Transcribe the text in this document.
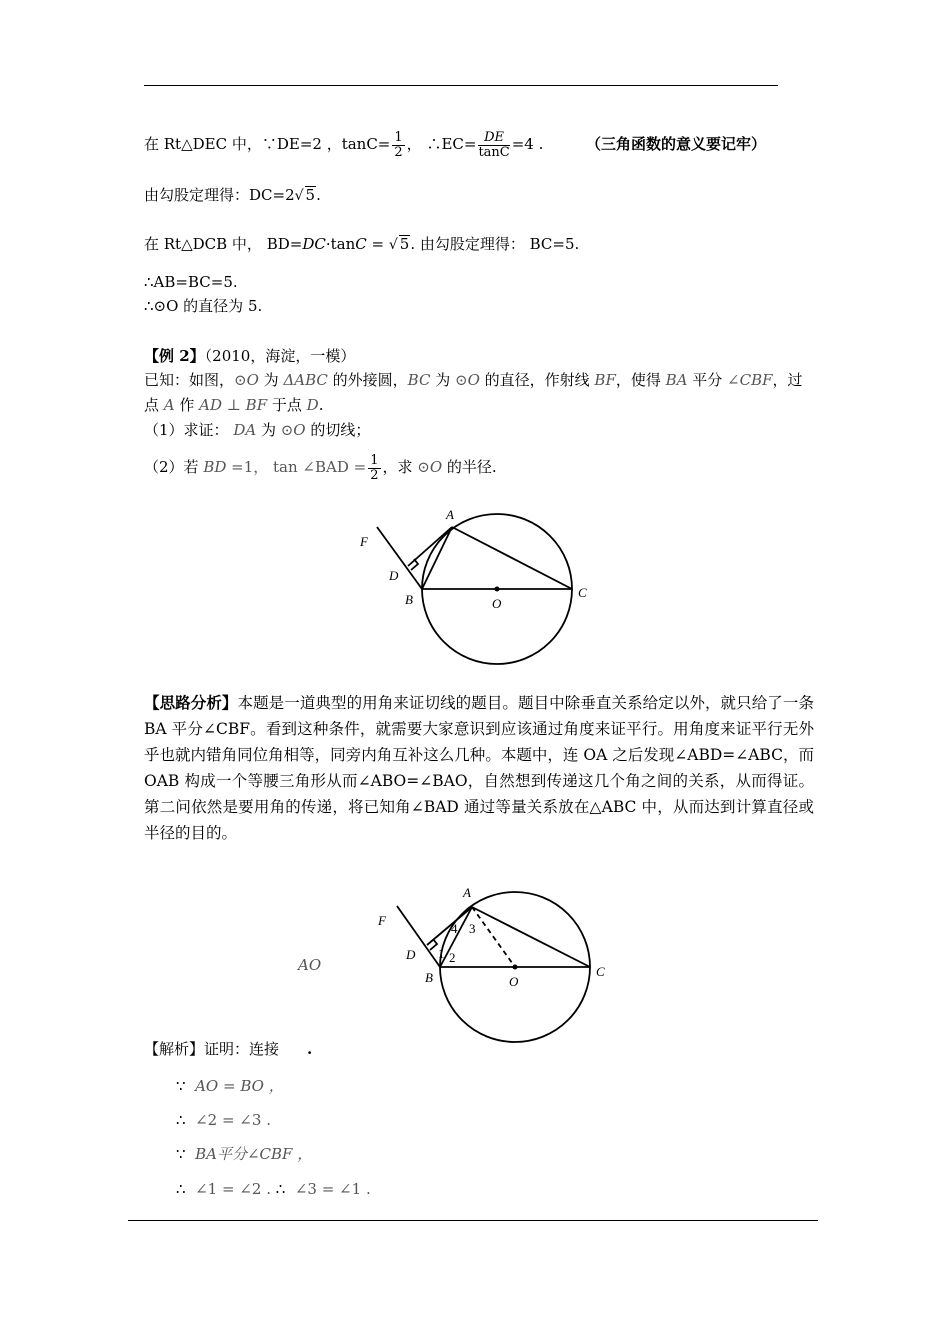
在 Rt△DEC 中，∵DE=2 ，$\tan C= \frac{1}{2}$ ， ∴EC= $\frac{DE}{\tan C} =4$ .	（三角函数的意义要记牢）
由勾股定理得：DC=2√ 5.
在 Rt△DCB 中， BD=DC·tanC = √ 5. 由勾股定理得： BC=5.
∴AB=BC=5.
∴⊙O 的直径为 5.
【例 2】（2010，海淀，一模）
已知：如图，⊙O 为 ΔABC 的外接圆，BC 为 ⊙O 的直径，作射线 BF，使得 BA 平分 ∠CBF，过
点 A 作 AD ⊥ BF 于点 D.
（1）求证： DA 为 ⊙O 的切线；
（2）若 BD =1， tan ∠BAD = $\frac{1}{2}$ ，求 ⊙O 的半径.
A
F
D
B	O
C
【思路分析】本题是一道典型的用角来证切线的题目。题目中除垂直关系给定以外，就只给了一条 BA 平分∠CBF。看到这种条件，就需要大家意识到应该通过角度来证平行。用角度来证平行无外乎也就内错角同位角相等，同旁内角互补这么几种。本题中，连 OA 之后发现∠ABD=∠ABC，而 OAB 构成一个等腰三角形从而∠ABO=∠BAO，自然想到传递这几个角之间的关系，从而得证。第二问依然是要用角的传递，将已知角∠BAD 通过等量关系放在△ABC 中，从而达到计算直径或半径的目的。
A
F
D
B	O
C
1 2
3
4
AO
【解析】证明：连接 .
∵ AO = BO ，
∴ ∠2 = ∠3 .
∵ BA平分∠CBF ，
∴ ∠1 = ∠2 . ∴ ∠3 = ∠1 .
